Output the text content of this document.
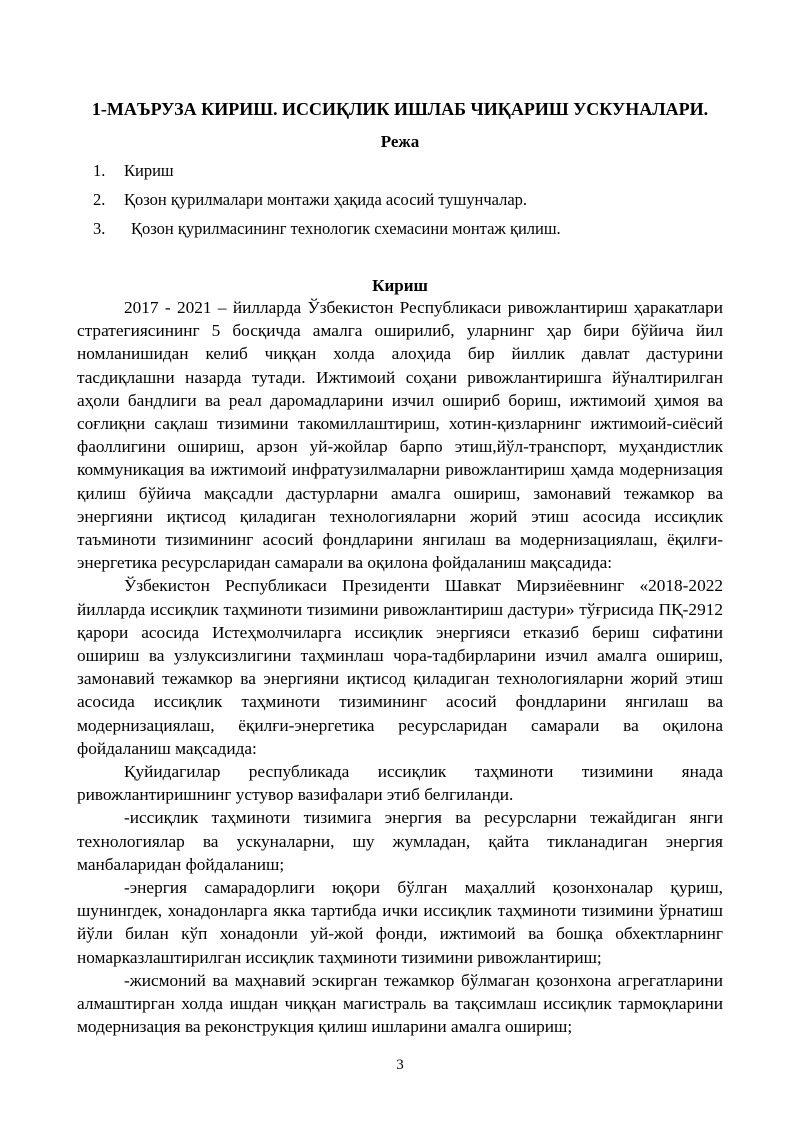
1-МАЪРУЗА КИРИШ. ИССИҚЛИК ИШЛАБ ЧИҚАРИШ УСКУНАЛАРИ.
Режа
1.	Кириш
2.	Қозон қурилмалари монтажи ҳақида асосий тушунчалар.
3.	Қозон қурилмасининг технологик схемасини монтаж қилиш.
Кириш

2017 - 2021 – йилларда Ўзбекистон Республикаси ривожлантириш ҳаракатлари стратегиясининг 5 босқичда амалга оширилиб, уларнинг ҳар бири бўйича йил номланишидан келиб чиққан холда алоҳида бир йиллик давлат дастурини тасдиқлашни назарда тутади. Ижтимоий соҳани ривожлантиришга йўналтирилган аҳоли бандлиги ва реал даромадларини изчил ошириб бориш, ижтимоий ҳимоя ва соғлиқни сақлаш тизимини такомиллаштириш, хотин-қизларнинг ижтимоий-сиёсий фаоллигини ошириш, арзон уй-жойлар барпо этиш,йўл-транспорт, муҳандистлик коммуникация ва ижтимоий инфратузилмаларни ривожлантириш ҳамда модернизация қилиш бўйича мақсадли дастурларни амалга ошириш, замонавий тежамкор ва энергияни иқтисод қиладиган технологияларни жорий этиш асосида иссиқлик таъминоти тизимининг асосий фондларини янгилаш ва модернизациялаш, ёқилғи-энергетика ресурсларидан самарали ва оқилона фойдаланиш мақсадида:

Ўзбекистон Республикаси Президенти Шавкат Мирзиёевнинг «2018-2022 йилларда иссиқлик таҳминоти тизимини ривожлантириш дастури» тўғрисида ПҚ-2912 қарори асосида Истеҳмолчиларга иссиқлик энергияси етказиб бериш сифатини ошириш ва узлуксизлигини таҳминлаш чора-тадбирларини изчил амалга ошириш, замонавий тежамкор ва энергияни иқтисод қиладиган технологияларни жорий этиш асосида иссиқлик таҳминоти тизимининг асосий фондларини янгилаш ва модернизациялаш, ёқилғи-энергетика ресурсларидан самарали ва оқилона фойдаланиш мақсадида:

Қуйидагилар республикада иссиқлик таҳминоти тизимини янада ривожлантиришнинг устувор вазифалари этиб белгиланди.

-иссиқлик таҳминоти тизимига энергия ва ресурсларни тежайдиган янги технологиялар ва ускуналарни, шу жумладан, қайта тикланадиган энергия манбаларидан фойдаланиш;

-энергия самарадорлиги юқори бўлган маҳаллий қозонхоналар қуриш, шунингдек, хонадонларга якка тартибда ички иссиқлик таҳминоти тизимини ўрнатиш йўли билан кўп хонадонли уй-жой фонди, ижтимоий ва бошқа обхектларнинг номарказлаштирилган иссиқлик таҳминоти тизимини ривожлантириш;

-жисмоний ва маҳнавий эскирган тежамкор бўлмаган қозонхона агрегатларини алмаштирган холда ишдан чиққан магистраль ва тақсимлаш иссиқлик тармоқларини модернизация ва реконструкция қилиш ишларини амалга ошириш;

3
